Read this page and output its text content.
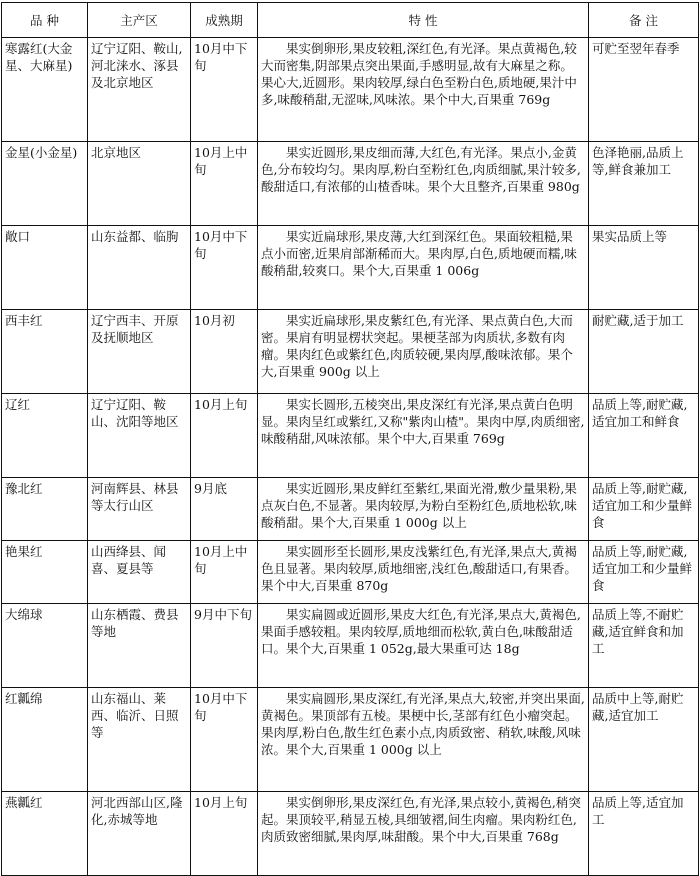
品 种	主产区	成熟期	特 性	备 注
寒露红(大金星、大麻星)	辽宁辽阳、鞍山,河北涞水、涿县及北京地区	10月中下旬	果实倒卵形,果皮较粗,深红色,有光泽。果点黄褐色,较大而密集,阴部果点突出果面,手感明显,故有大麻星之称。果心大,近圆形。果肉较厚,绿白色至粉白色,质地硬,果汁中多,味酸稍甜,无涩味,风味浓。果个中大,百果重 769g	可贮至翌年春季
金星(小金星)	北京地区	10月上中旬	果实近圆形,果皮细而薄,大红色,有光泽。果点小,金黄色,分布较均匀。果肉厚,粉白至粉红色,肉质细腻,果汁较多,酸甜适口,有浓郁的山楂香味。果个大且整齐,百果重 980g	色泽艳丽,品质上等,鲜食兼加工
敞口	山东益都、临朐	10月中下旬	果实近扁球形,果皮薄,大红到深红色。果面较粗糙,果点小而密,近果肩部渐稀而大。果肉厚,白色,质地硬而糯,味酸稍甜,较爽口。果个大,百果重 1 006g	果实品质上等
西丰红	辽宁西丰、开原及抚顺地区	10月初	果实近扁球形,果皮紫红色,有光泽、果点黄白色,大而密。果肩有明显楞状突起。果梗茎部为肉质状,多数有肉瘤。果肉红色或紫红色,肉质较硬,果肉厚,酸味浓郁。果个大,百果重 900g 以上	耐贮藏,适于加工
辽红	辽宁辽阳、鞍山、沈阳等地区	10月上旬	果实长圆形,五棱突出,果皮深红有光泽,果点黄白色明显。果肉呈红或紫红,又称"紫肉山楂"。果肉中厚,肉质细密,味酸稍甜,风味浓郁。果个中大,百果重 769g	品质上等,耐贮藏,适宜加工和鲜食
豫北红	河南辉县、林县等太行山区	9月底	果实近圆形,果皮鲜红至紫红,果面光滑,敷少量果粉,果点灰白色,不显著。果肉较厚,为粉白至粉红色,质地松软,味酸稍甜。果个大,百果重 1 000g 以上	品质上等,耐贮藏,适宜加工和少量鲜食
艳果红	山西绛县、闻喜、夏县等	10月上中旬	果实圆形至长圆形,果皮浅紫红色,有光泽,果点大,黄褐色且显著。果肉较厚,质地细密,浅红色,酸甜适口,有果香。果个中大,百果重 870g	品质上等,耐贮藏,适宜加工和少量鲜食
大绵球	山东栖霞、费县等地	9月中下旬	果实扁圆或近圆形,果皮大红色,有光泽,果点大,黄褐色,果面手感较粗。果肉较厚,质地细而松软,黄白色,味酸甜适口。果个大,百果重 1 052g,最大果重可达 18g	品质上等,不耐贮藏,适宜鲜食和加工
红瓤绵	山东福山、莱西、临沂、日照等	10月中下旬	果实扁圆形,果皮深红,有光泽,果点大,较密,并突出果面,黄褐色。果顶部有五棱。果梗中长,茎部有红色小瘤突起。果肉厚,粉白色,散生红色素小点,肉质致密、稍软,味酸,风味浓。果个大,百果重 1 000g 以上	品质中上等,耐贮藏,适宜加工
燕瓤红	河北西部山区,隆化,赤城等地	10月上旬	果实倒卵形,果皮深红色,有光泽,果点较小,黄褐色,稍突起。果顶较平,稍显五棱,具细皱褶,间生肉瘤。果肉粉红色,肉质致密细腻,果肉厚,味甜酸。果个中大,百果重 768g	品质上等,适宜加工
